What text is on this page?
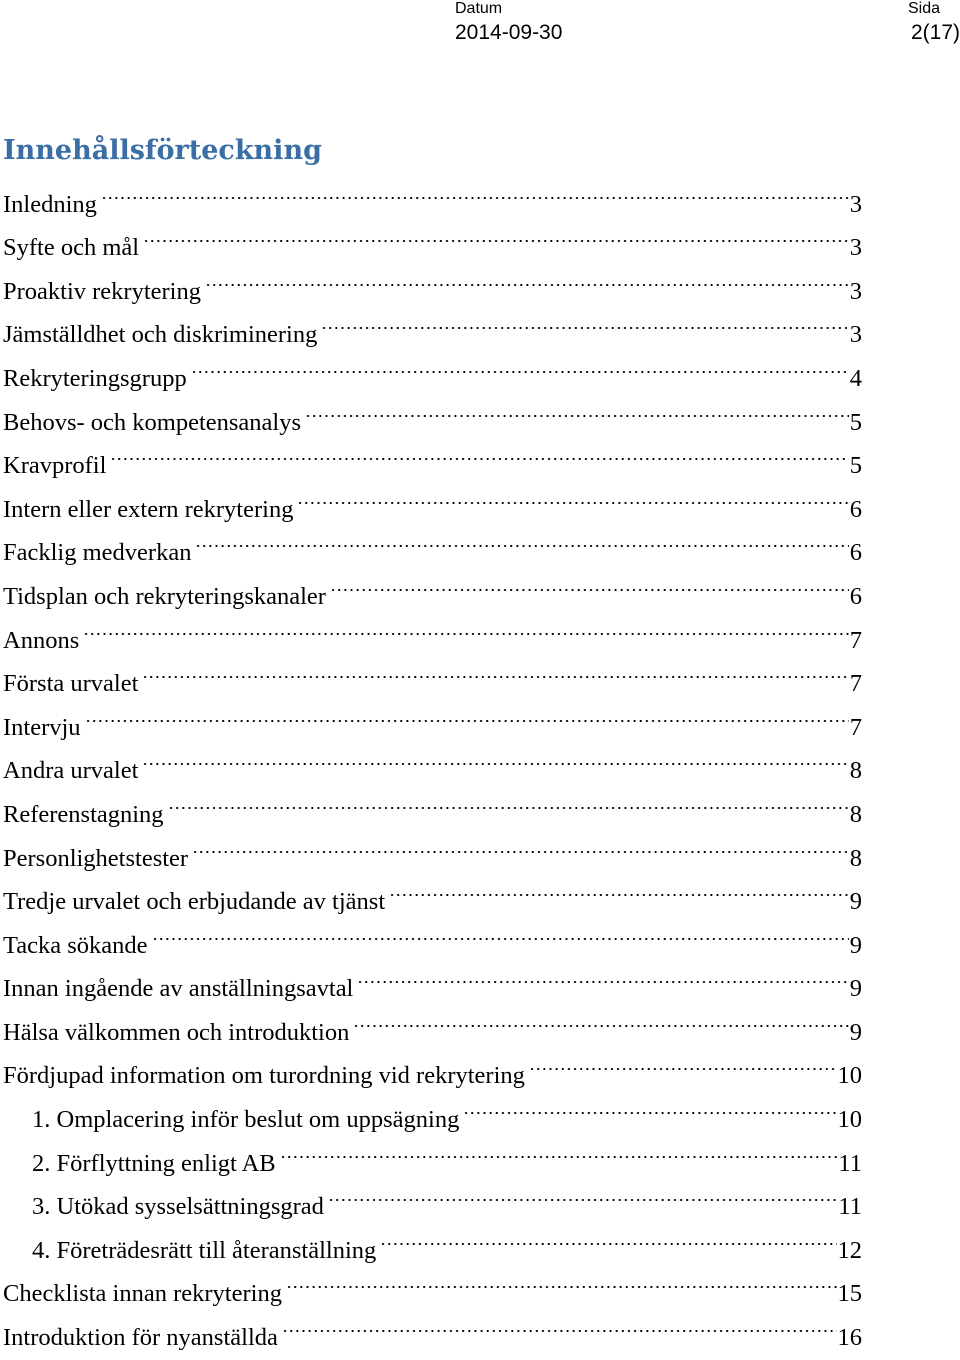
Datum
2014-09-30
Sida
2(17)
Innehållsförteckning
Inledning	3
Syfte och mål	3
Proaktiv rekrytering	3
Jämställdhet och diskriminering	3
Rekryteringsgrupp	4
Behovs- och kompetensanalys	5
Kravprofil	5
Intern eller extern rekrytering	6
Facklig medverkan	6
Tidsplan och rekryteringskanaler	6
Annons	7
Första urvalet	7
Intervju	7
Andra urvalet	8
Referenstagning	8
Personlighetstester	8
Tredje urvalet och erbjudande av tjänst	9
Tacka sökande	9
Innan ingående av anställningsavtal	9
Hälsa välkommen och introduktion	9
Fördjupad information om turordning vid rekrytering	10
1. Omplacering inför beslut om uppsägning	10
2. Förflyttning enligt AB	11
3. Utökad sysselsättningsgrad	11
4. Företrädesrätt till återanställning	12
Checklista innan rekrytering	15
Introduktion för nyanställda	16
